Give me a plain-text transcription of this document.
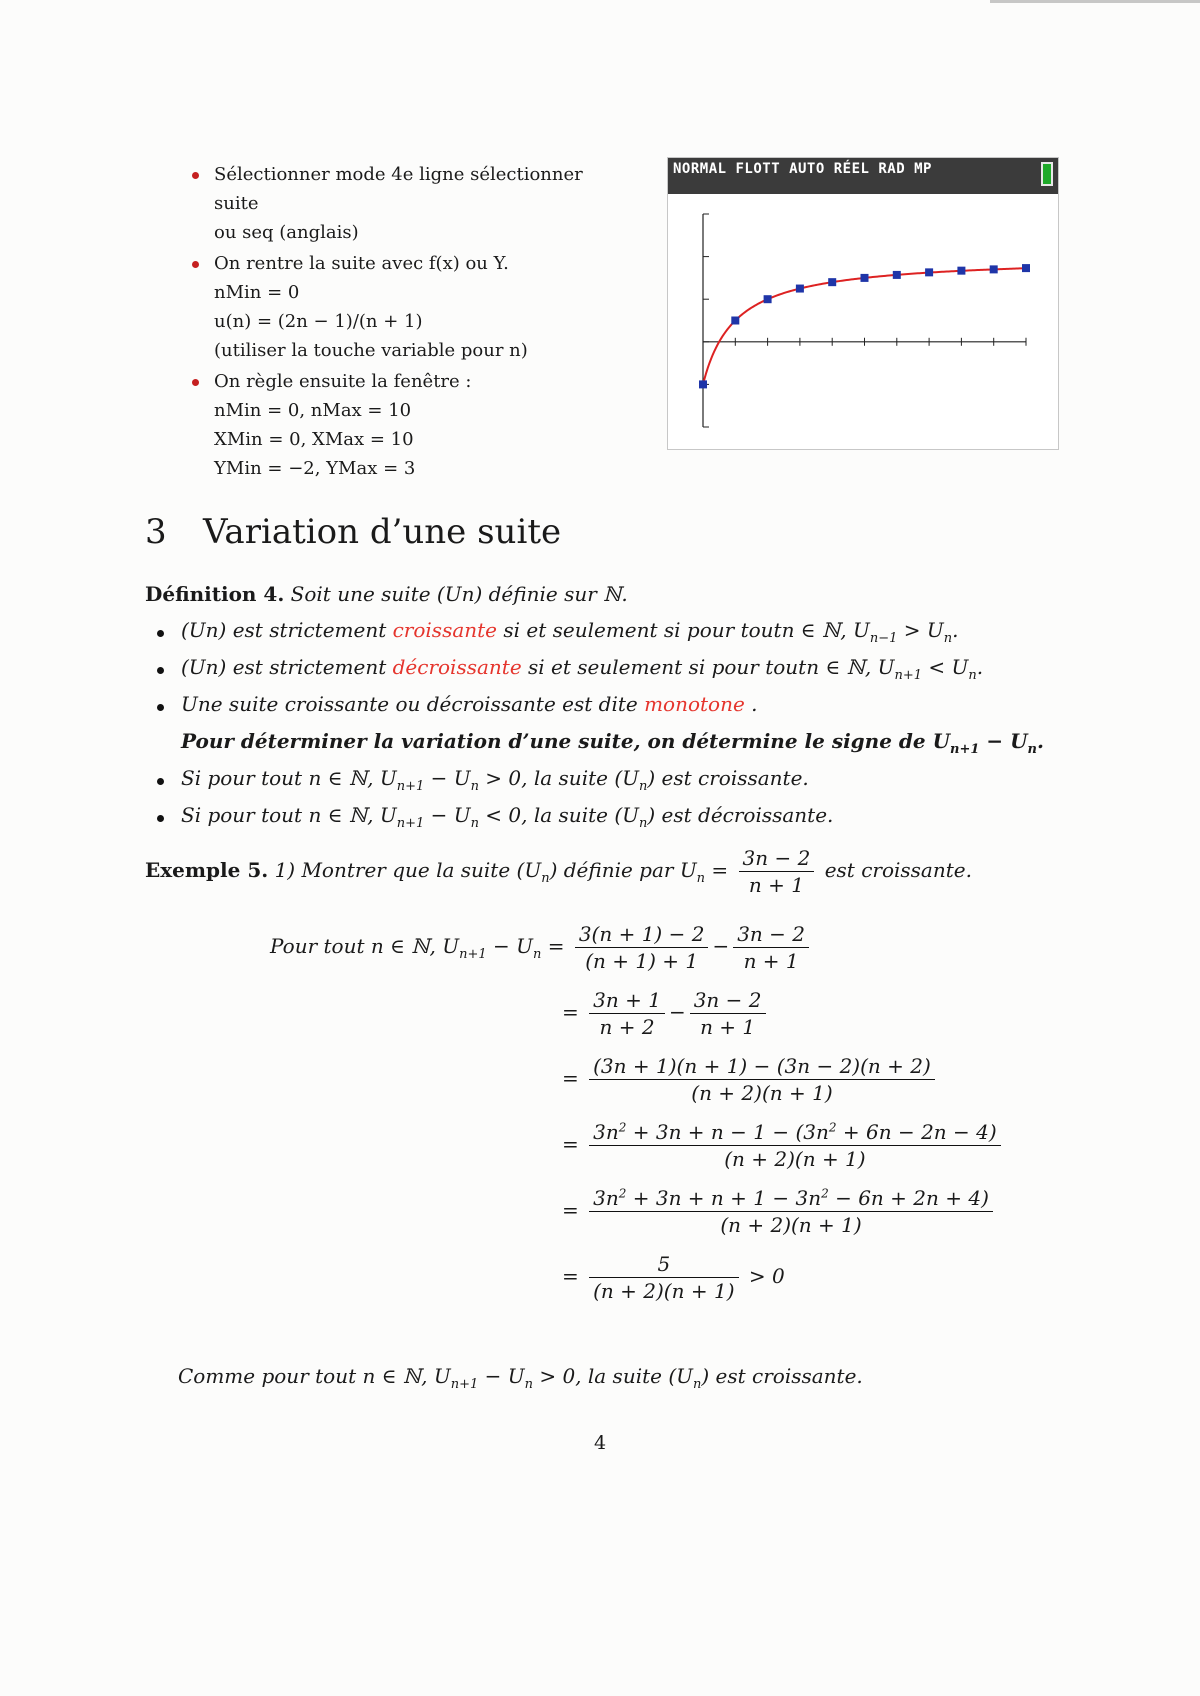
Sélectionner mode 4e ligne sélectionner suite
ou seq (anglais)
On rentre la suite avec f(x) ou Y.
nMin = 0
u(n) = (2n − 1)/(n + 1)
(utiliser la touche variable pour n)
On règle ensuite la fenêtre :
nMin = 0, nMax = 10
XMin = 0, XMax = 10
YMin = −2, YMax = 3
NORMAL FLOTT AUTO RÉEL RAD MP
3 Variation d’une suite
Définition 4. Soit une suite (Un) définie sur ℕ.
(Un) est strictement croissante si et seulement si pour toutn ∈ ℕ, $U_{n-1} > U_n$.
(Un) est strictement décroissante si et seulement si pour toutn ∈ ℕ, $U_{n+1} < U_n$.
Une suite croissante ou décroissante est dite monotone .
Pour déterminer la variation d’une suite, on détermine le signe de $U_{n+1} - U_n$.
Si pour tout n ∈ ℕ, $U_{n+1} - U_n > 0$, la suite $(U_n)$ est croissante.
Si pour tout n ∈ ℕ, $U_{n+1} - U_n < 0$, la suite $(U_n)$ est décroissante.
Exemple 5. 1) Montrer que la suite $(U_n)$ définie par $U_n = \frac{3n - 2}{n + 1}$ est croissante.
Pour tout n ∈ ℕ, $U_{n+1} - U_n = \frac{3(n + 1) - 2}{(n + 1) + 1} - \frac{3n - 2}{n + 1}$
= $\frac{3n + 1}{n + 2} - \frac{3n - 2}{n + 1}$
= $\frac{(3n + 1)(n + 1) - (3n - 2)(n + 2)}{(n + 2)(n + 1)}$
= $\frac{3n^2 + 3n + n - 1 - (3n^2 + 6n - 2n - 4)}{(n + 2)(n + 1)}$
= $\frac{3n^2 + 3n + n + 1 - 3n^2 - 6n + 2n + 4)}{(n + 2)(n + 1)}$
= $\frac{5}{(n + 2)(n + 1)} > 0$
Comme pour tout n ∈ ℕ, $U_{n+1} - U_n > 0$, la suite $(U_n)$ est croissante.
4
